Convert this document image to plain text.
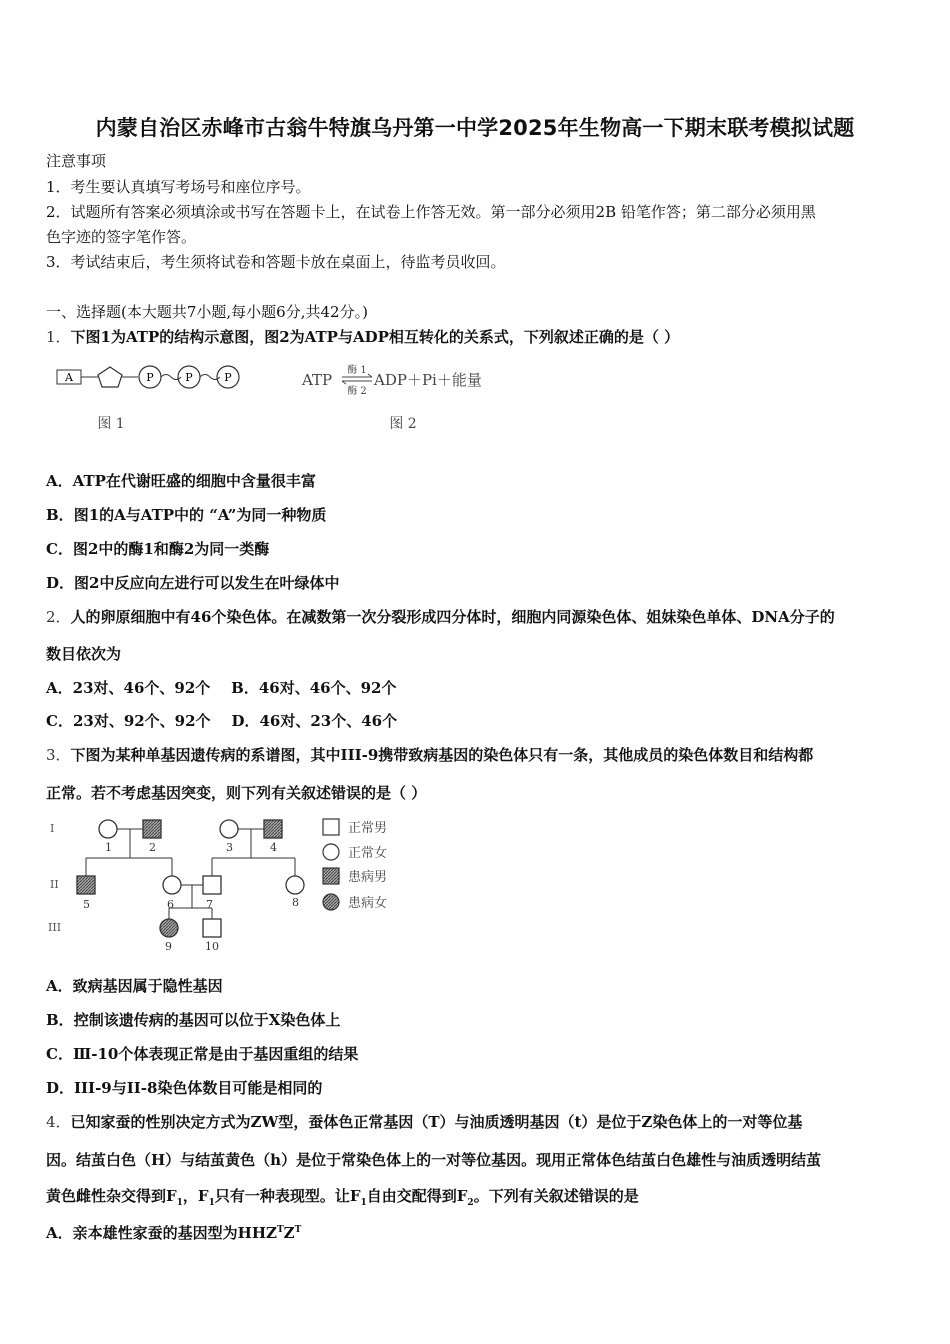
内蒙自治区赤峰市古翁牛特旗乌丹第一中学2025年生物高一下期末联考模拟试题
注意事项
1．考生要认真填写考场号和座位序号。
2．试题所有答案必须填涂或书写在答题卡上，在试卷上作答无效。第一部分必须用2B 铅笔作答；第二部分必须用黑
色字迹的签字笔作答。
3．考试结束后，考生须将试卷和答题卡放在桌面上，待监考员收回。
一、选择题(本大题共7小题,每小题6分,共42分。)
1．下图1为ATP的结构示意图，图2为ATP与ADP相互转化的关系式，下列叙述正确的是（ ）
A	P	P	P
图 1
ATP
酶 1
酶 2
ADP＋Pi＋能量
图 2
A．ATP在代谢旺盛的细胞中含量很丰富
B．图1的A与ATP中的 “A”为同一种物质
C．图2中的酶1和酶2为同一类酶
D．图2中反应向左进行可以发生在叶绿体中
2．人的卵原细胞中有46个染色体。在减数第一次分裂形成四分体时，细胞内同源染色体、姐妹染色单体、DNA分子的
数目依次为
A．23对、46个、92个    B．46对、46个、92个
C．23对、92个、92个    D．46对、23个、46个
3．下图为某种单基因遗传病的系谱图，其中III-9携带致病基因的染色体只有一条，其他成员的染色体数目和结构都
正常。若不考虑基因突变，则下列有关叙述错误的是（ ）
I
II
III
1	2	3	4
5	6	7	8
9	10
正常男
正常女
患病男
患病女
A．致病基因属于隐性基因
B．控制该遗传病的基因可以位于X染色体上
C．Ⅲ-10个体表现正常是由于基因重组的结果
D．III-9与II-8染色体数目可能是相同的
4．已知家蚕的性别决定方式为ZW型，蚕体色正常基因（T）与油质透明基因（t）是位于Z染色体上的一对等位基
因。结茧白色（H）与结茧黄色（h）是位于常染色体上的一对等位基因。现用正常体色结茧白色雄性与油质透明结茧
黄色雌性杂交得到$F_1$，$F_1$只有一种表现型。让$F_1$自由交配得到$F_2$。下列有关叙述错误的是
A．亲本雄性家蚕的基因型为$HHZ^TZ^T$
